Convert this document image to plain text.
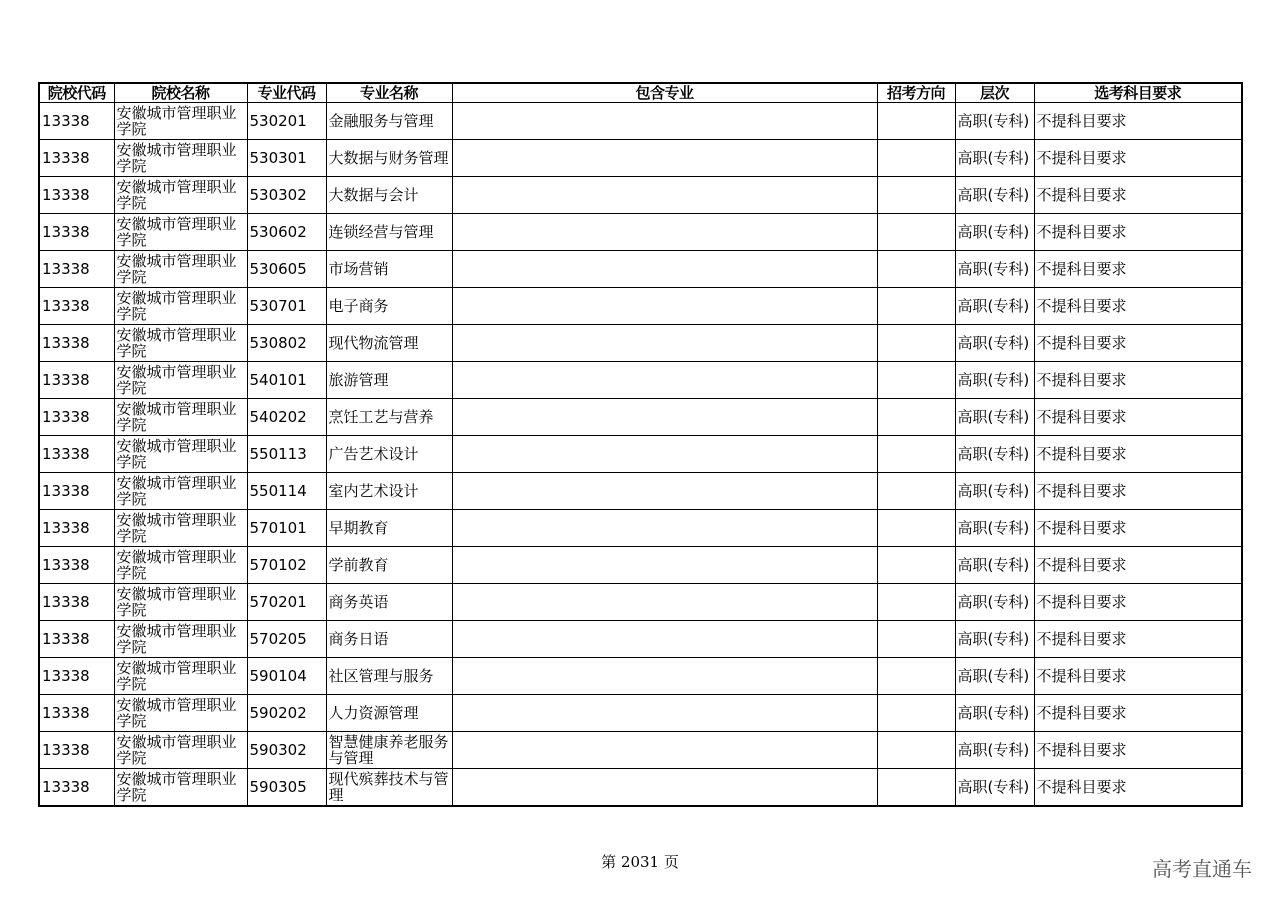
院校代码	院校名称	专业代码	专业名称	包含专业	招考方向	层次	选考科目要求
13338	安徽城市管理职业学院	530201	金融服务与管理			高职(专科)	不提科目要求
13338	安徽城市管理职业学院	530301	大数据与财务管理			高职(专科)	不提科目要求
13338	安徽城市管理职业学院	530302	大数据与会计			高职(专科)	不提科目要求
13338	安徽城市管理职业学院	530602	连锁经营与管理			高职(专科)	不提科目要求
13338	安徽城市管理职业学院	530605	市场营销			高职(专科)	不提科目要求
13338	安徽城市管理职业学院	530701	电子商务			高职(专科)	不提科目要求
13338	安徽城市管理职业学院	530802	现代物流管理			高职(专科)	不提科目要求
13338	安徽城市管理职业学院	540101	旅游管理			高职(专科)	不提科目要求
13338	安徽城市管理职业学院	540202	烹饪工艺与营养			高职(专科)	不提科目要求
13338	安徽城市管理职业学院	550113	广告艺术设计			高职(专科)	不提科目要求
13338	安徽城市管理职业学院	550114	室内艺术设计			高职(专科)	不提科目要求
13338	安徽城市管理职业学院	570101	早期教育			高职(专科)	不提科目要求
13338	安徽城市管理职业学院	570102	学前教育			高职(专科)	不提科目要求
13338	安徽城市管理职业学院	570201	商务英语			高职(专科)	不提科目要求
13338	安徽城市管理职业学院	570205	商务日语			高职(专科)	不提科目要求
13338	安徽城市管理职业学院	590104	社区管理与服务			高职(专科)	不提科目要求
13338	安徽城市管理职业学院	590202	人力资源管理			高职(专科)	不提科目要求
13338	安徽城市管理职业学院	590302	智慧健康养老服务与管理			高职(专科)	不提科目要求
13338	安徽城市管理职业学院	590305	现代殡葬技术与管理			高职(专科)	不提科目要求
第 2031 页	高考直通车
